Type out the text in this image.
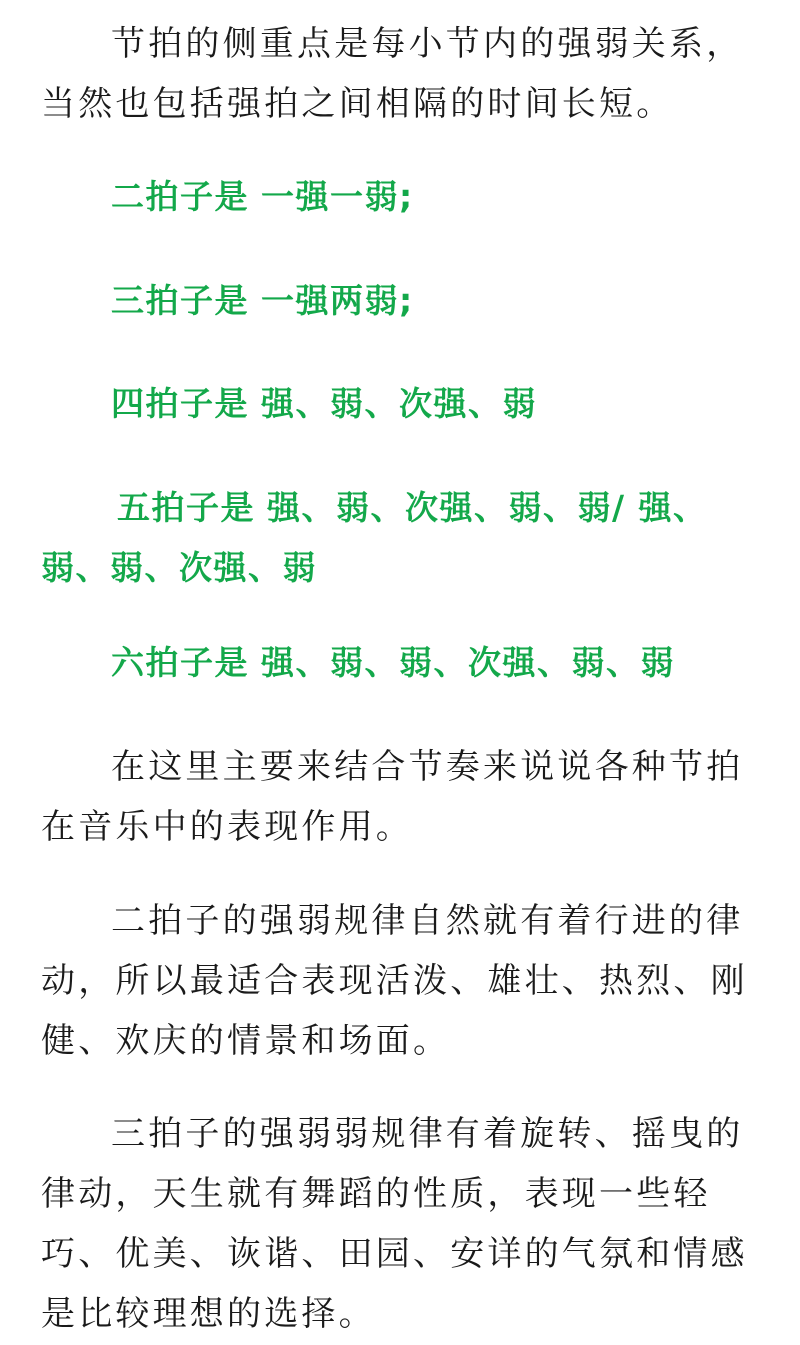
节拍的侧重点是每小节内的强弱关系，当然也包括强拍之间相隔的时间长短。

二拍子是 一强一弱;

三拍子是 一强两弱;

四拍子是 强、弱、次强、弱

五拍子是 强、弱、次强、弱、弱/ 强、弱、弱、次强、弱

六拍子是 强、弱、弱、次强、弱、弱

在这里主要来结合节奏来说说各种节拍在音乐中的表现作用。

二拍子的强弱规律自然就有着行进的律动，所以最适合表现活泼、雄壮、热烈、刚健、欢庆的情景和场面。

三拍子的强弱弱规律有着旋转、摇曳的律动，天生就有舞蹈的性质，表现一些轻巧、优美、诙谐、田园、安详的气氛和情感是比较理想的选择。
